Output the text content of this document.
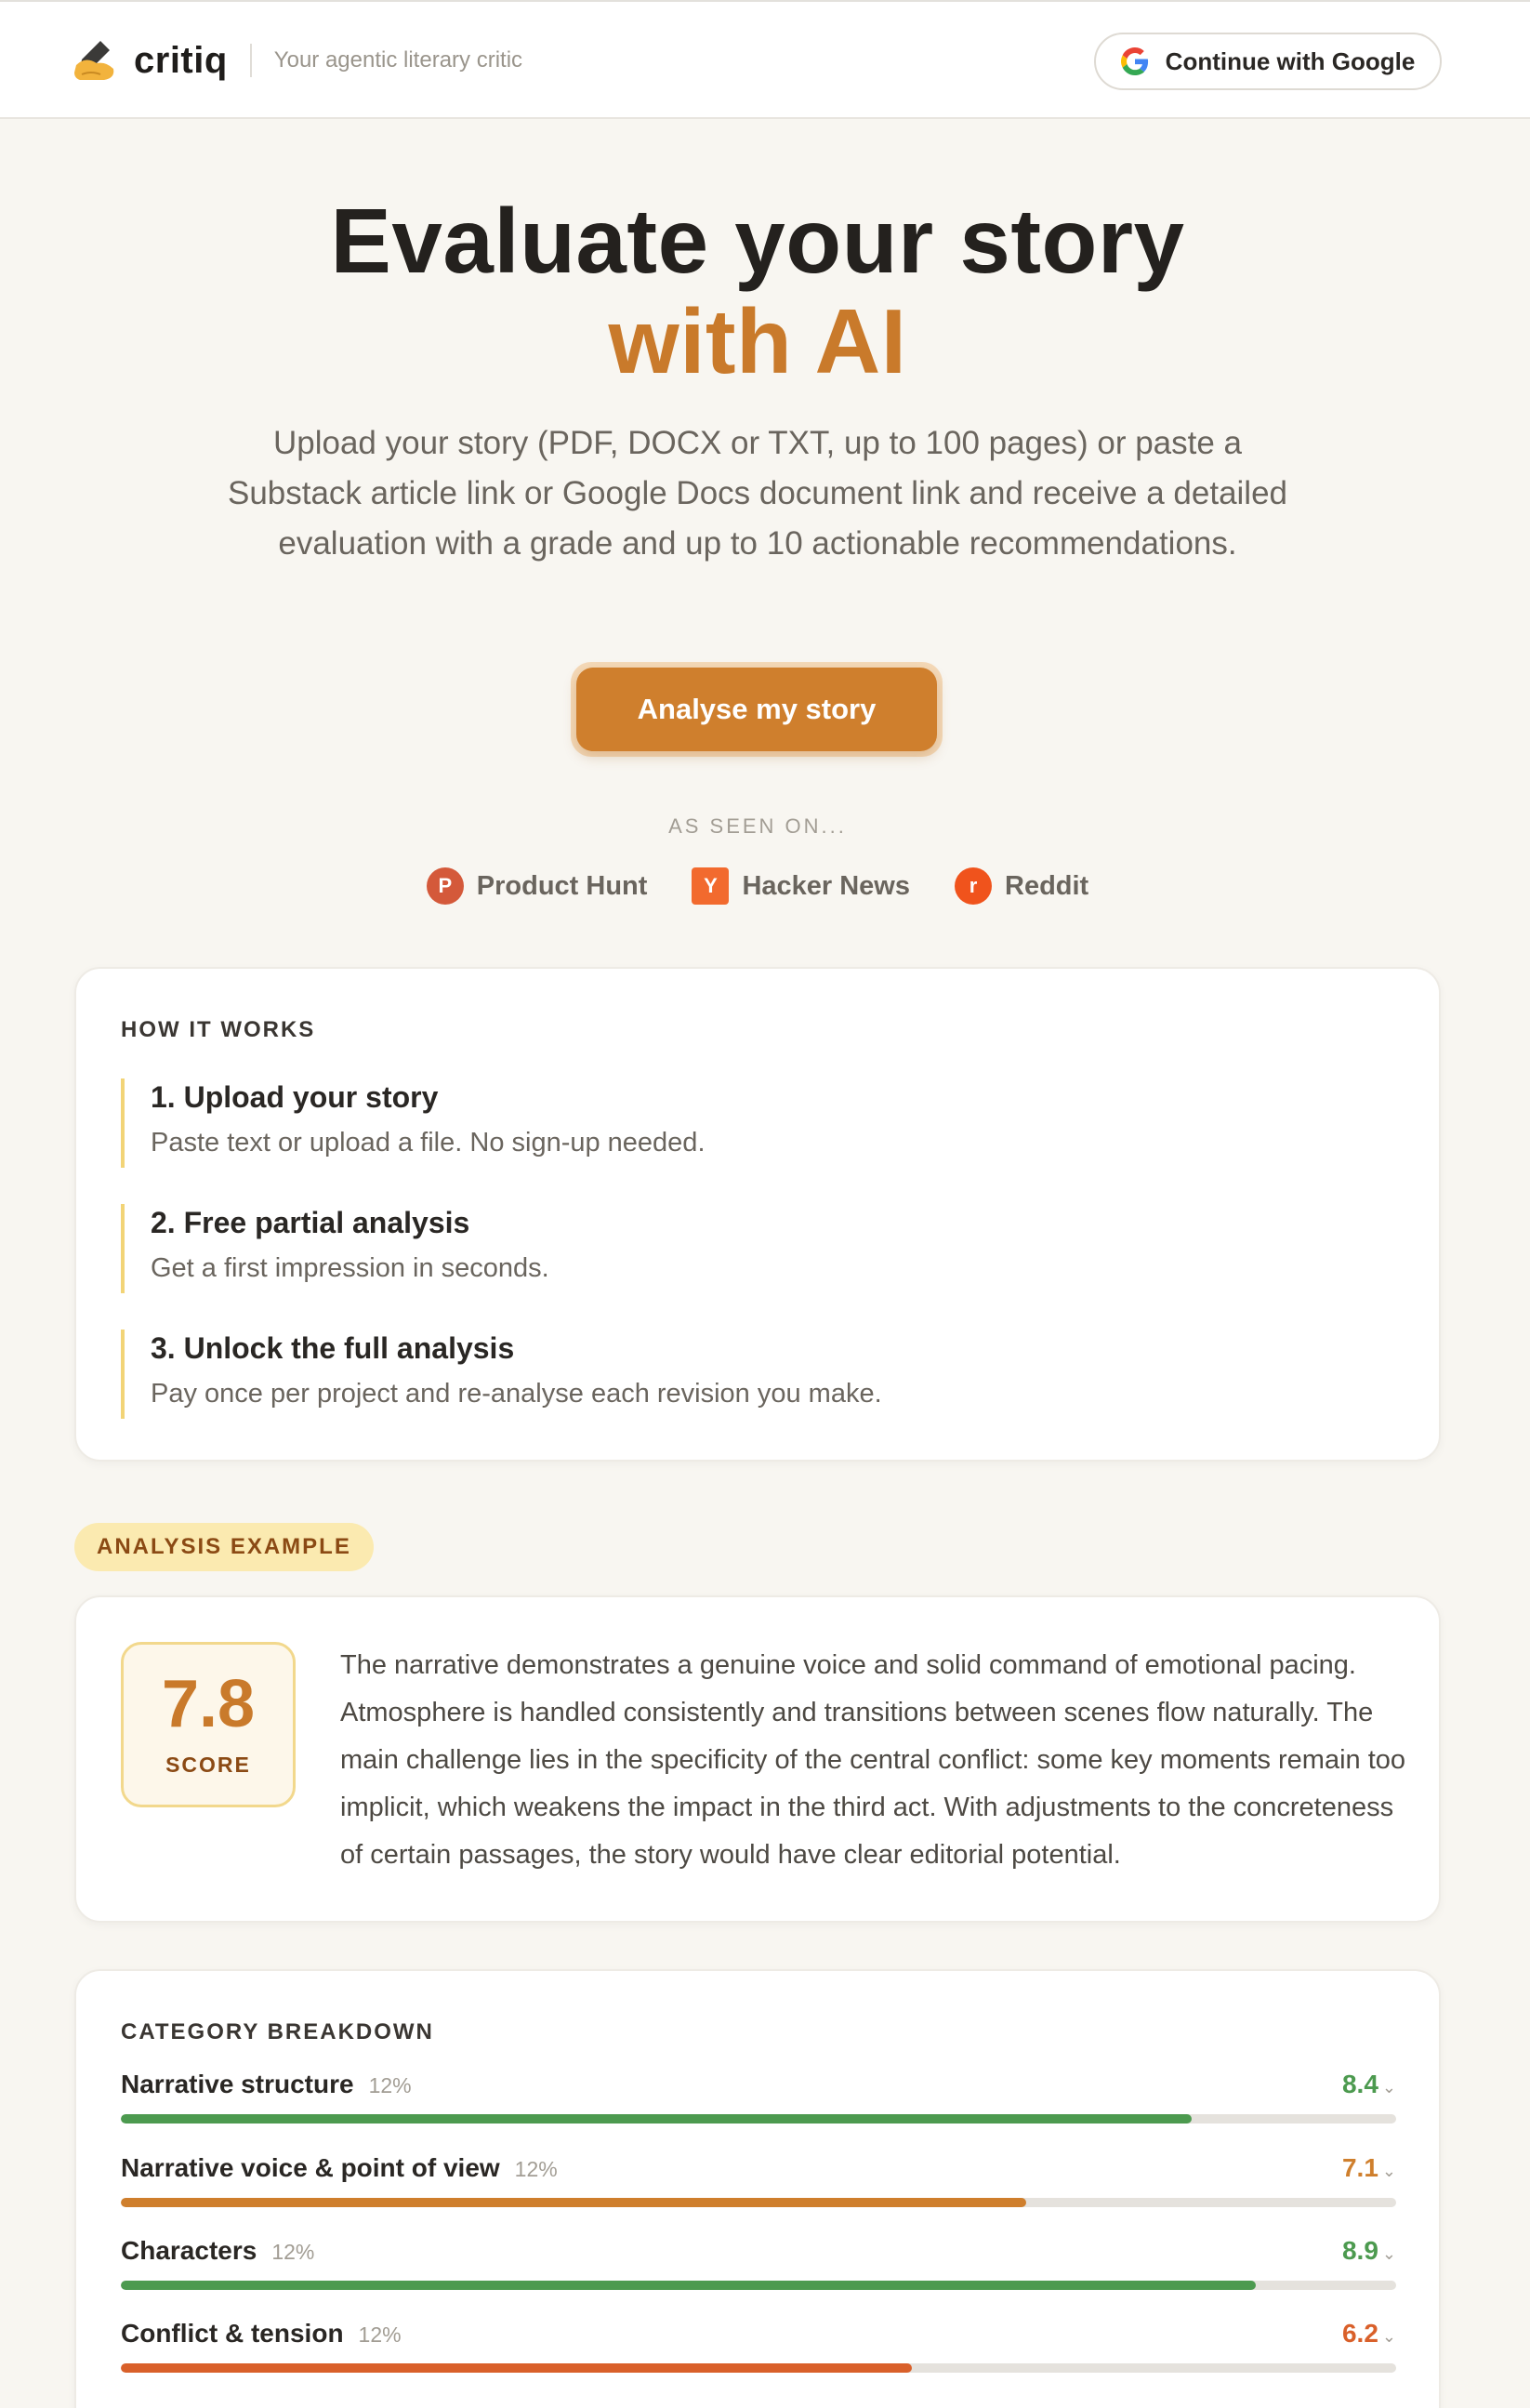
critiq Your agentic literary critic	Continue with Google
Evaluate your story
with AI

Upload your story (PDF, DOCX or TXT, up to 100 pages) or paste a Substack article link or Google Docs document link and receive a detailed evaluation with a grade and up to 10 actionable recommendations.

Analyse my story
AS SEEN ON...
P Product Hunt	Y Hacker News	r	Reddit
HOW IT WORKS
1. Upload your story
Paste text or upload a file. No sign-up needed.
2. Free partial analysis
Get a first impression in seconds.
3. Unlock the full analysis
Pay once per project and re-analyse each revision you make.
ANALYSIS EXAMPLE
7.8
SCORE

The narrative demonstrates a genuine voice and solid command of emotional pacing. Atmosphere is handled consistently and transitions between scenes flow naturally. The main challenge lies in the specificity of the central conflict: some key moments remain too implicit, which weakens the impact in the third act. With adjustments to the concreteness of certain passages, the story would have clear editorial potential.

CATEGORY BREAKDOWN
Narrative structure 12%	8.4 ⌄
Narrative voice & point of view 12%	7.1 ⌄
Characters 12%	8.9 ⌄
Conflict & tension 12%	6.2 ⌄
